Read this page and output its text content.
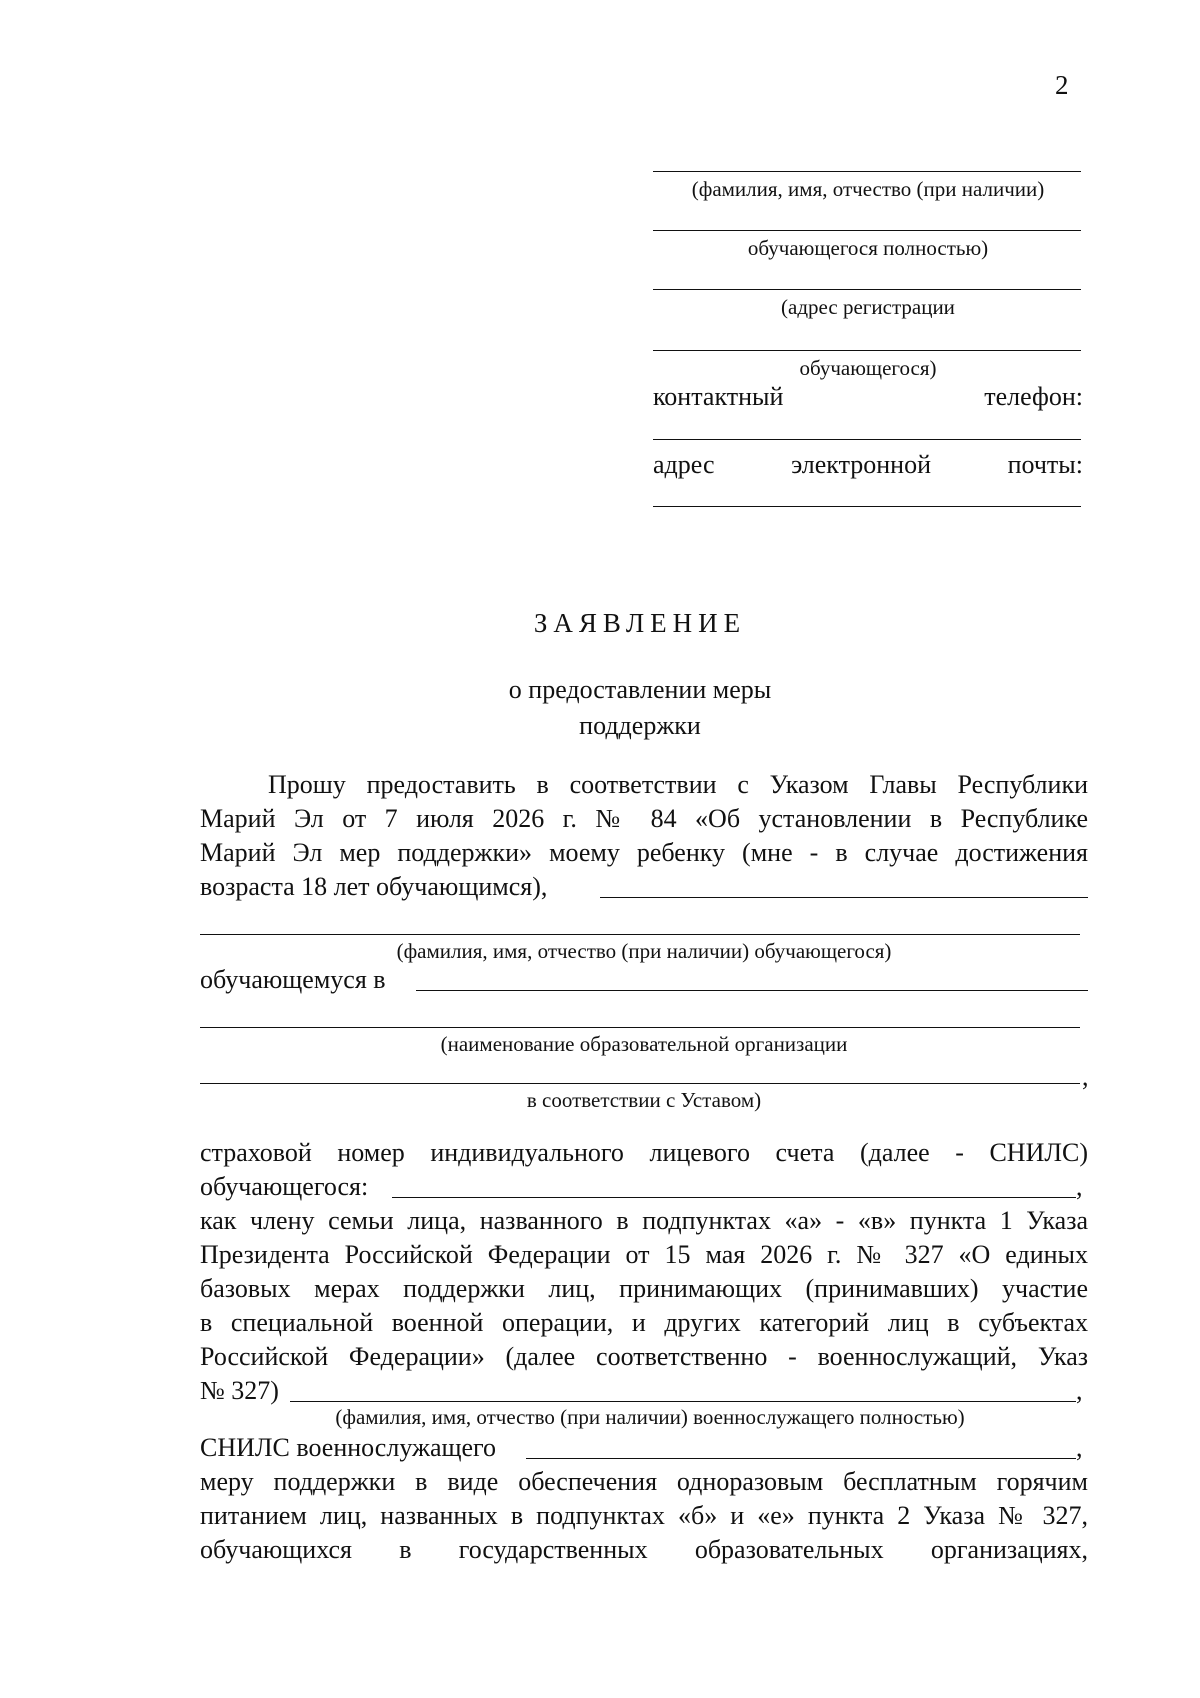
2
(фамилия, имя, отчество (при наличии)
обучающегося полностью)
(адрес регистрации
обучающегося)
контактный	телефон:
адрес	электронной	почты:
ЗАЯВЛЕНИЕ
о предоставлении меры
поддержки
Прошу предоставить в соответствии с Указом Главы Республики
Марий Эл от 7 июля 2026 г. № 84 «Об установлении в Республике
Марий Эл мер поддержки» моему ребенку (мне - в случае достижения
возраста 18 лет обучающимся),
(фамилия, имя, отчество (при наличии) обучающегося)
обучающемуся в
(наименование образовательной организации
,
в соответствии с Уставом)
страховой номер индивидуального лицевого счета (далее - СНИЛС)
обучающегося:	,
как члену семьи лица, названного в подпунктах «а» - «в» пункта 1 Указа
Президента Российской Федерации от 15 мая 2026 г. № 327 «О единых
базовых мерах поддержки лиц, принимающих (принимавших) участие
в специальной военной операции, и других категорий лиц в субъектах
Российской Федерации» (далее соответственно - военнослужащий, Указ
№ 327)	,
(фамилия, имя, отчество (при наличии) военнослужащего полностью)
СНИЛС военнослужащего	,
меру поддержки в виде обеспечения одноразовым бесплатным горячим
питанием лиц, названных в подпунктах «б» и «е» пункта 2 Указа № 327,
обучающихся в государственных образовательных организациях,
